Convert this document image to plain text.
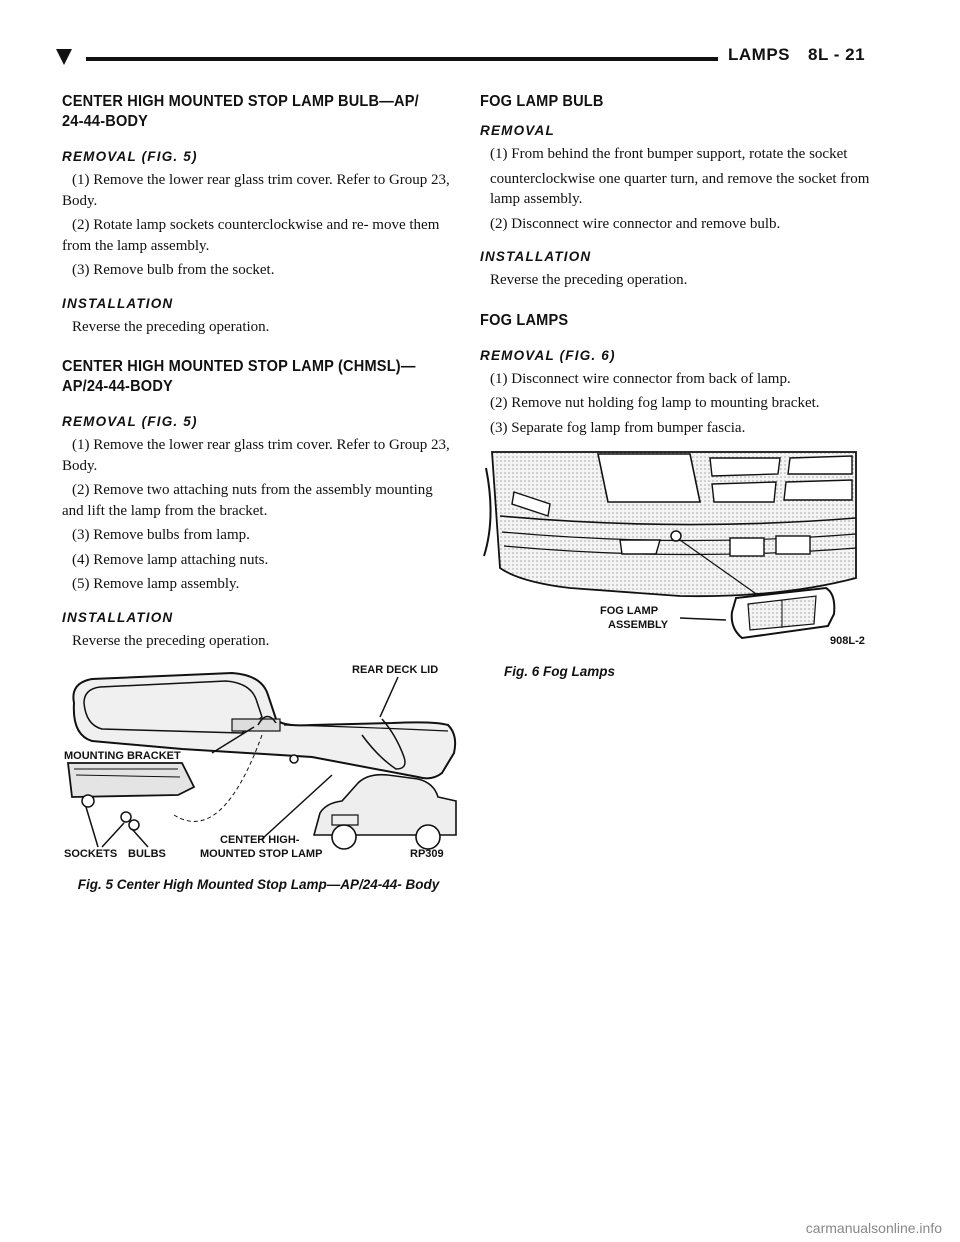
LAMPS 8L - 21
CENTER HIGH MOUNTED STOP LAMP BULB—AP/ 24-44-BODY
REMOVAL (FIG. 5)

(1) Remove the lower rear glass trim cover. Refer to Group 23, Body.

(2) Rotate lamp sockets counterclockwise and re- move them from the lamp assembly.

(3) Remove bulb from the socket.

INSTALLATION

Reverse the preceding operation.

CENTER HIGH MOUNTED STOP LAMP (CHMSL)— AP/24-44-BODY
REMOVAL (FIG. 5)

(1) Remove the lower rear glass trim cover. Refer to Group 23, Body.

(2) Remove two attaching nuts from the assembly mounting and lift the lamp from the bracket.

(3) Remove bulbs from lamp.

(4) Remove lamp attaching nuts.

(5) Remove lamp assembly.

INSTALLATION

Reverse the preceding operation.

REAR DECK LID
MOUNTING BRACKET
SOCKETS BULBS
CENTER HIGH-
MOUNTED STOP LAMP	RP309
Fig. 5 Center High Mounted Stop Lamp—AP/24-44- Body
FOG LAMP BULB
REMOVAL

(1) From behind the front bumper support, rotate the socket

counterclockwise one quarter turn, and remove the socket from lamp assembly.

(2) Disconnect wire connector and remove bulb.

INSTALLATION

Reverse the preceding operation.

FOG LAMPS
REMOVAL (FIG. 6)

(1) Disconnect wire connector from back of lamp.

(2) Remove nut holding fog lamp to mounting bracket.

(3) Separate fog lamp from bumper fascia.

FOG LAMP
ASSEMBLY
908L-2
Fig. 6 Fog Lamps
carmanualsonline.info
